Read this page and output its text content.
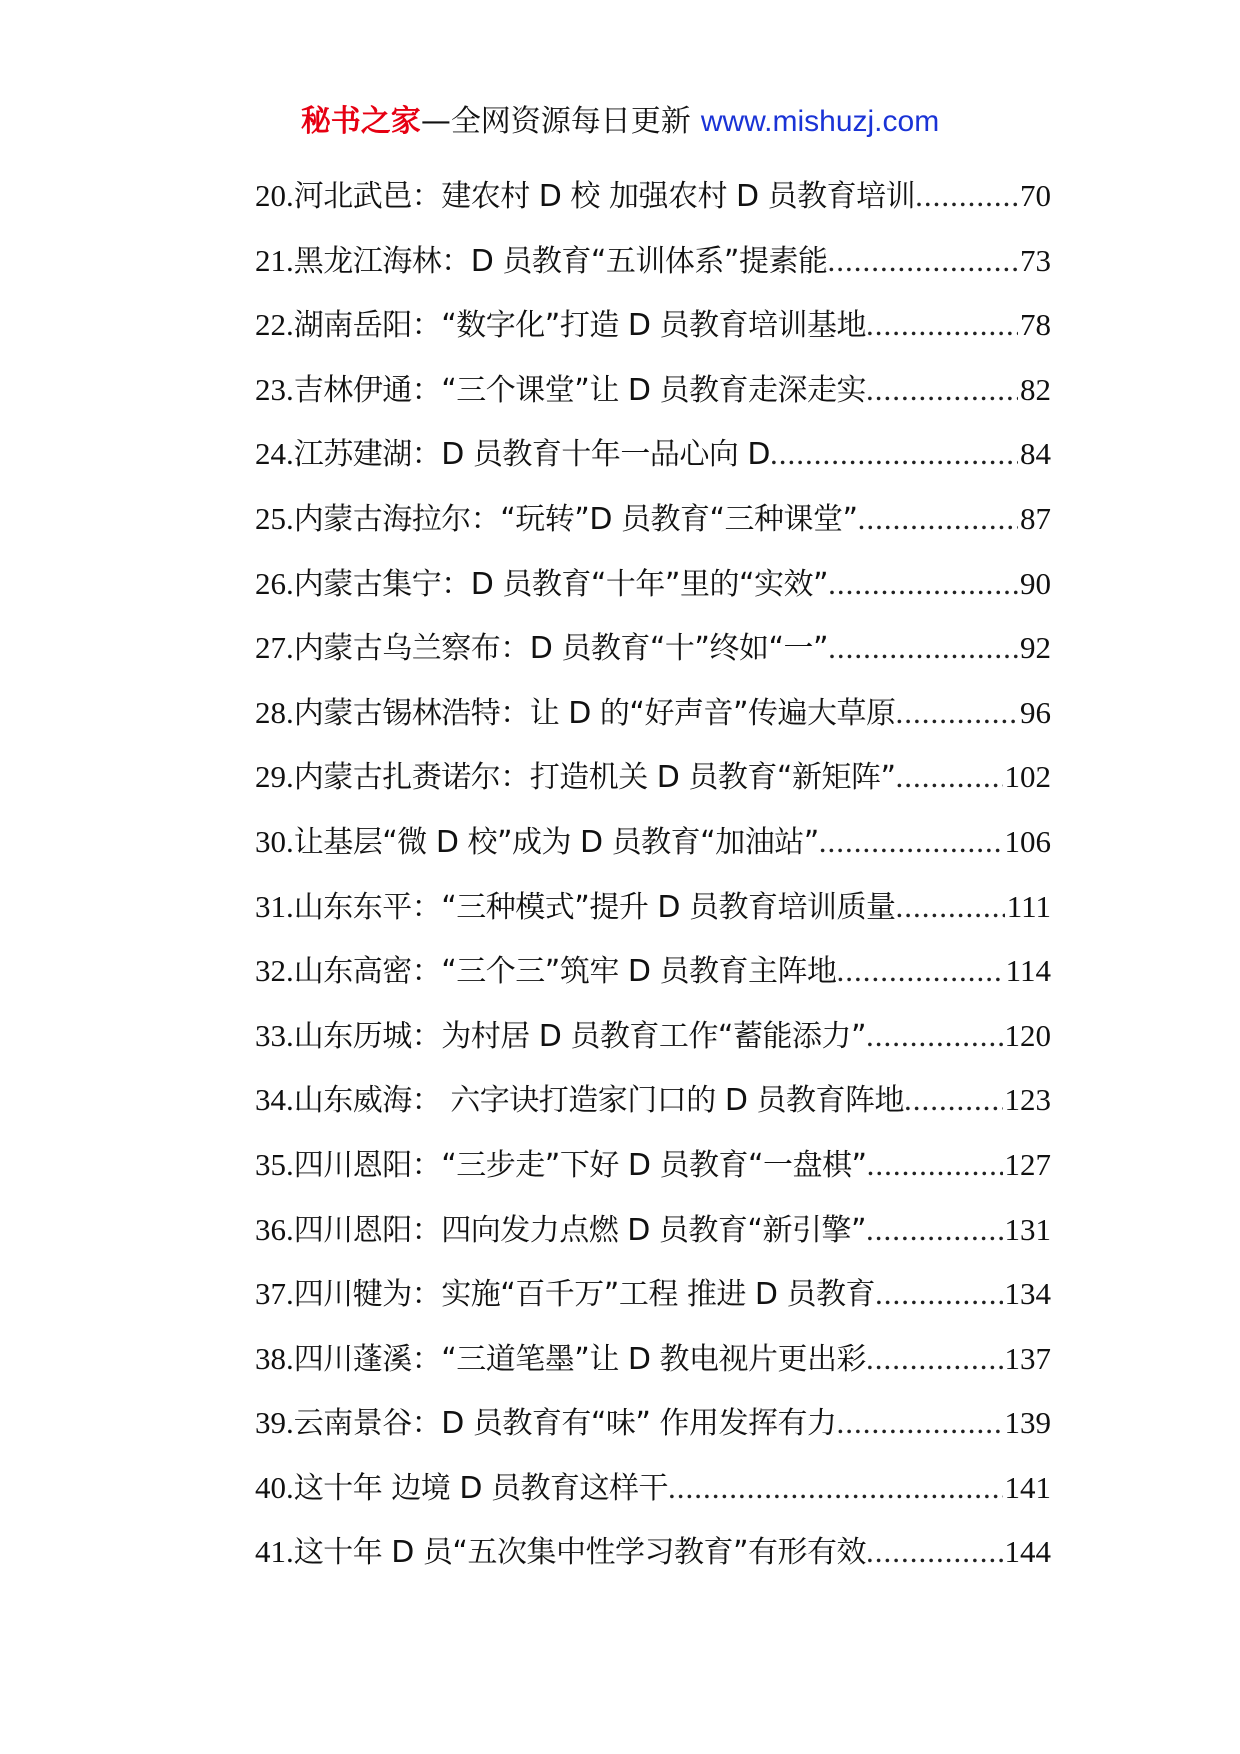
秘书之家—全网资源每日更新 www.mishuzj.com
20. 河北武邑：建农村 D 校 加强农村 D 员教育培训 .....	70
21. 黑龙江海林：D 员教育“五训体系”提素能 .....	73
22. 湖南岳阳：“数字化”打造 D 员教育培训基地 .....	78
23. 吉林伊通：“三个课堂”让 D 员教育走深走实 .....	82
24. 江苏建湖：D 员教育十年一品心向 D .....	84
25. 内蒙古海拉尔：“玩转”D 员教育“三种课堂” .....	87
26. 内蒙古集宁：D 员教育“十年”里的“实效” .....	90
27. 内蒙古乌兰察布：D 员教育“十”终如“一” .....	92
28. 内蒙古锡林浩特：让 D 的“好声音”传遍大草原 .....	96
29. 内蒙古扎赉诺尔：打造机关 D 员教育“新矩阵” .....	102
30. 让基层“微 D 校”成为 D 员教育“加油站” .....	106
31. 山东东平：“三种模式”提升 D 员教育培训质量 .....	111
32. 山东高密：“三个三”筑牢 D 员教育主阵地 .....	114
33. 山东历城：为村居 D 员教育工作“蓄能添力” .....	120
34. 山东威海： 六字诀打造家门口的 D 员教育阵地 .....	123
35. 四川恩阳：“三步走”下好 D 员教育“一盘棋” .....	127
36. 四川恩阳：四向发力点燃 D 员教育“新引擎” .....	131
37. 四川犍为：实施“百千万”工程 推进 D 员教育 .....	134
38. 四川蓬溪：“三道笔墨”让 D 教电视片更出彩 .....	137
39. 云南景谷：D 员教育有“味” 作用发挥有力 .....	139
40. 这十年 边境 D 员教育这样干 .....	141
41. 这十年 D 员“五次集中性学习教育”有形有效 .....	144
